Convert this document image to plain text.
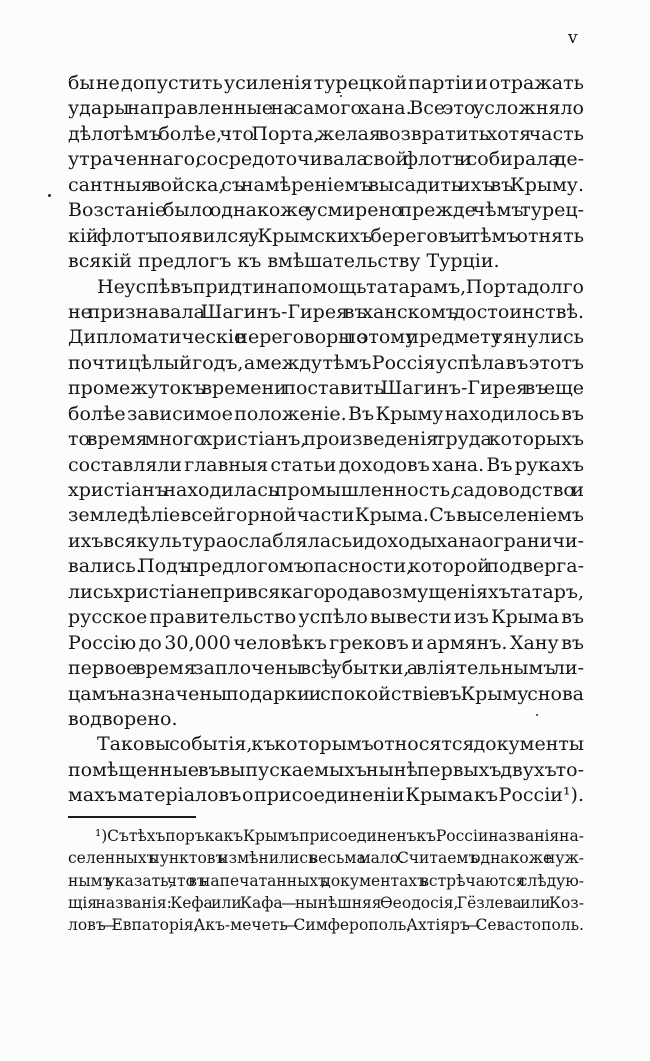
v
бы не допустить усиленія турецкой партіи и отражать
удары направленные на самого хана. Все это усложняло
дѣло тѣмъ болѣе, что Порта, желая возвратить хотя часть
утраченнаго, сосредоточивала свой флотъ и собирала де-
сантныя войска, съ намѣреніемъ высадить ихъ въ Крыму.
Возстаніе было однакоже усмирено прежде чѣмъ турец-
кій флотъ появился у Крымскихъ береговъ и тѣмъ отнять
всякій предлогъ къ вмѣшательству Турціи.
Не успѣвъ придти на помощь татарамъ, Порта долго
не признавала Шагинъ-Гирея въ ханскомъ достоинствѣ.
Дипломатическіе переговоры по этому предмету тянулись
почти цѣлый годъ, а между тѣмъ Россія успѣла въ этотъ
промежутокъ времени поставить Шагинъ-Гирея въ еще
болѣе зависимое положеніе. Въ Крыму находилось въ
то время много христіанъ, произведенія труда которыхъ
составляли главныя статьи доходовъ хана. Въ рукахъ
христіанъ находилась промышленность, садоводство и
земледѣліе всей горной части Крыма. Съ выселеніемъ
ихъ вся культура ослаблялась и доходы хана ограничи-
вались. Подъ предлогомъ опасности, которой подверга-
лись христіане при всякаго рода возмущеніяхъ татаръ,
русское правительство успѣло вывести изъ Крыма въ
Россію до 30,000 человѣкъ грековъ и армянъ. Хану въ
первое время заплочены всѣ убытки, а вліятельнымъ ли-
цамъ назначены подарки и спокойствіе въ Крыму снова
водворено.
Таковы событія, къ которымъ относятся документы
помѣщенные въ выпускаемыхъ нынѣ первыхъ двухъ то-
махъ матеріаловъ о присоединеніи Крыма къ Россіи¹).
¹) Съ тѣхъ поръ какъ Крымъ присоединенъ къ Россіи названія на-
селенныхъ пунктовъ измѣнились весьма мало. Считаемъ однакоже нуж-
нымъ указать, что въ напечатанныхъ документахъ встрѣчаются слѣдую-
щія названія: Кефа или Кафа — нынѣшняя Ѳеодосія, Гёзлева или Коз-
ловъ — Евпаторія, Акъ-мечеть — Симферополь, Ахтіяръ — Севастополь.
